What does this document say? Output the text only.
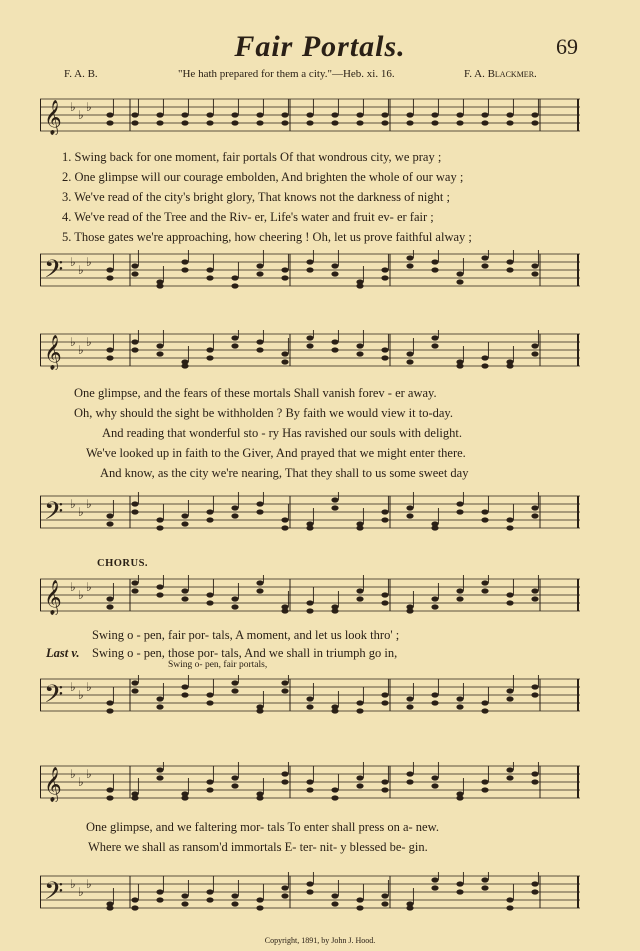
Fair Portals.	69
F. A. B.	"He hath prepared for them a city."—Heb. xi. 16.	F. A. Blackmer.
𝄞 ♭
♭
♭
𝄢 ♭
♭
♭
𝄞 ♭
♭
♭
𝄢 ♭
♭
♭
𝄞 ♭
♭
♭
𝄢 ♭
♭
♭
𝄞 ♭
♭
♭
𝄢 ♭
♭
♭
1. Swing back for one moment, fair portals Of that wondrous city, we pray ;
2. One glimpse will our courage embolden, And brighten the whole of our way ;
3. We've read of the city's bright glory, That knows not the darkness of night ;
4. We've read of the Tree and the Riv- er, Life's water and fruit ev- er fair ;
5. Those gates we're approaching, how cheering ! Oh, let us prove faithful alway ;
One glimpse, and the fears of these mortals Shall vanish forev - er away.
Oh, why should the sight be withholden ? By faith we would view it to-day.
And reading that wonderful sto - ry Has ravished our souls with delight.
We've looked up in faith to the Giver, And prayed that we might enter there.
And know, as the city we're nearing, That they shall to us some sweet day
CHORUS.
Swing o - pen, fair por- tals, A moment, and let us look thro' ;
Last v. Swing o - pen, those por- tals, And we shall in triumph go in,
Swing o- pen, fair portals,
One glimpse, and we faltering mor- tals To enter shall press on a- new.
Where we shall as ransom'd immortals E- ter- nit- y blessed be- gin.
Copyright, 1891, by John J. Hood.
